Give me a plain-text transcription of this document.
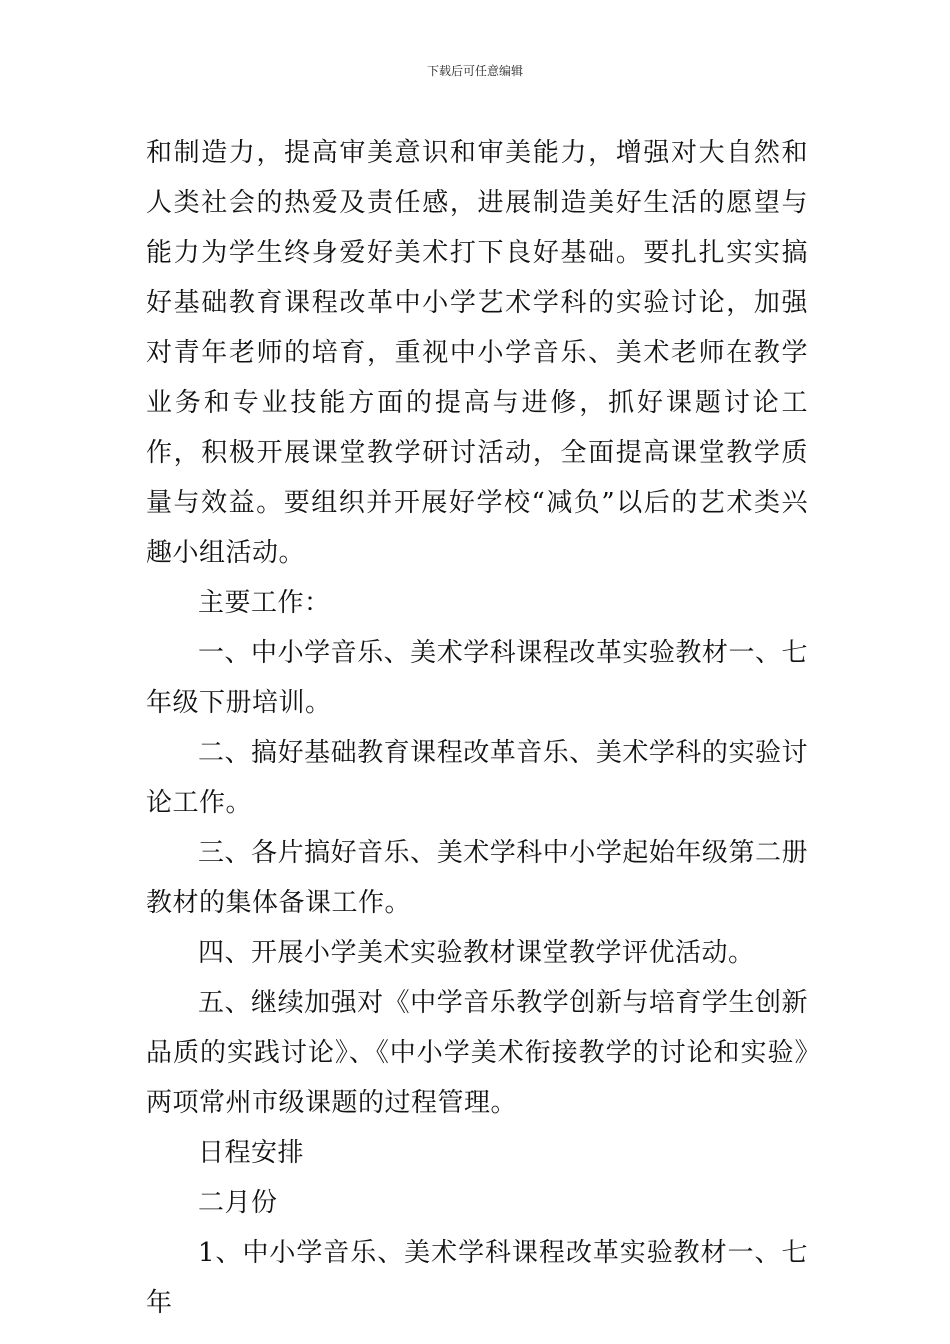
下载后可任意编辑

和制造力，提高审美意识和审美能力，增强对大自然和人类社会的热爱及责任感，进展制造美好生活的愿望与能力为学生终身爱好美术打下良好基础。要扎扎实实搞好基础教育课程改革中小学艺术学科的实验讨论，加强对青年老师的培育，重视中小学音乐、美术老师在教学业务和专业技能方面的提高与进修，抓好课题讨论工作，积极开展课堂教学研讨活动，全面提高课堂教学质量与效益。要组织并开展好学校“减负”以后的艺术类兴趣小组活动。

主要工作：

一、中小学音乐、美术学科课程改革实验教材一、七年级下册培训。

二、搞好基础教育课程改革音乐、美术学科的实验讨论工作。

三、各片搞好音乐、美术学科中小学起始年级第二册教材的集体备课工作。

四、开展小学美术实验教材课堂教学评优活动。

五、继续加强对《中学音乐教学创新与培育学生创新品质的实践讨论》、《中小学美术衔接教学的讨论和实验》两项常州市级课题的过程管理。

日程安排

二月份

1、中小学音乐、美术学科课程改革实验教材一、七年
